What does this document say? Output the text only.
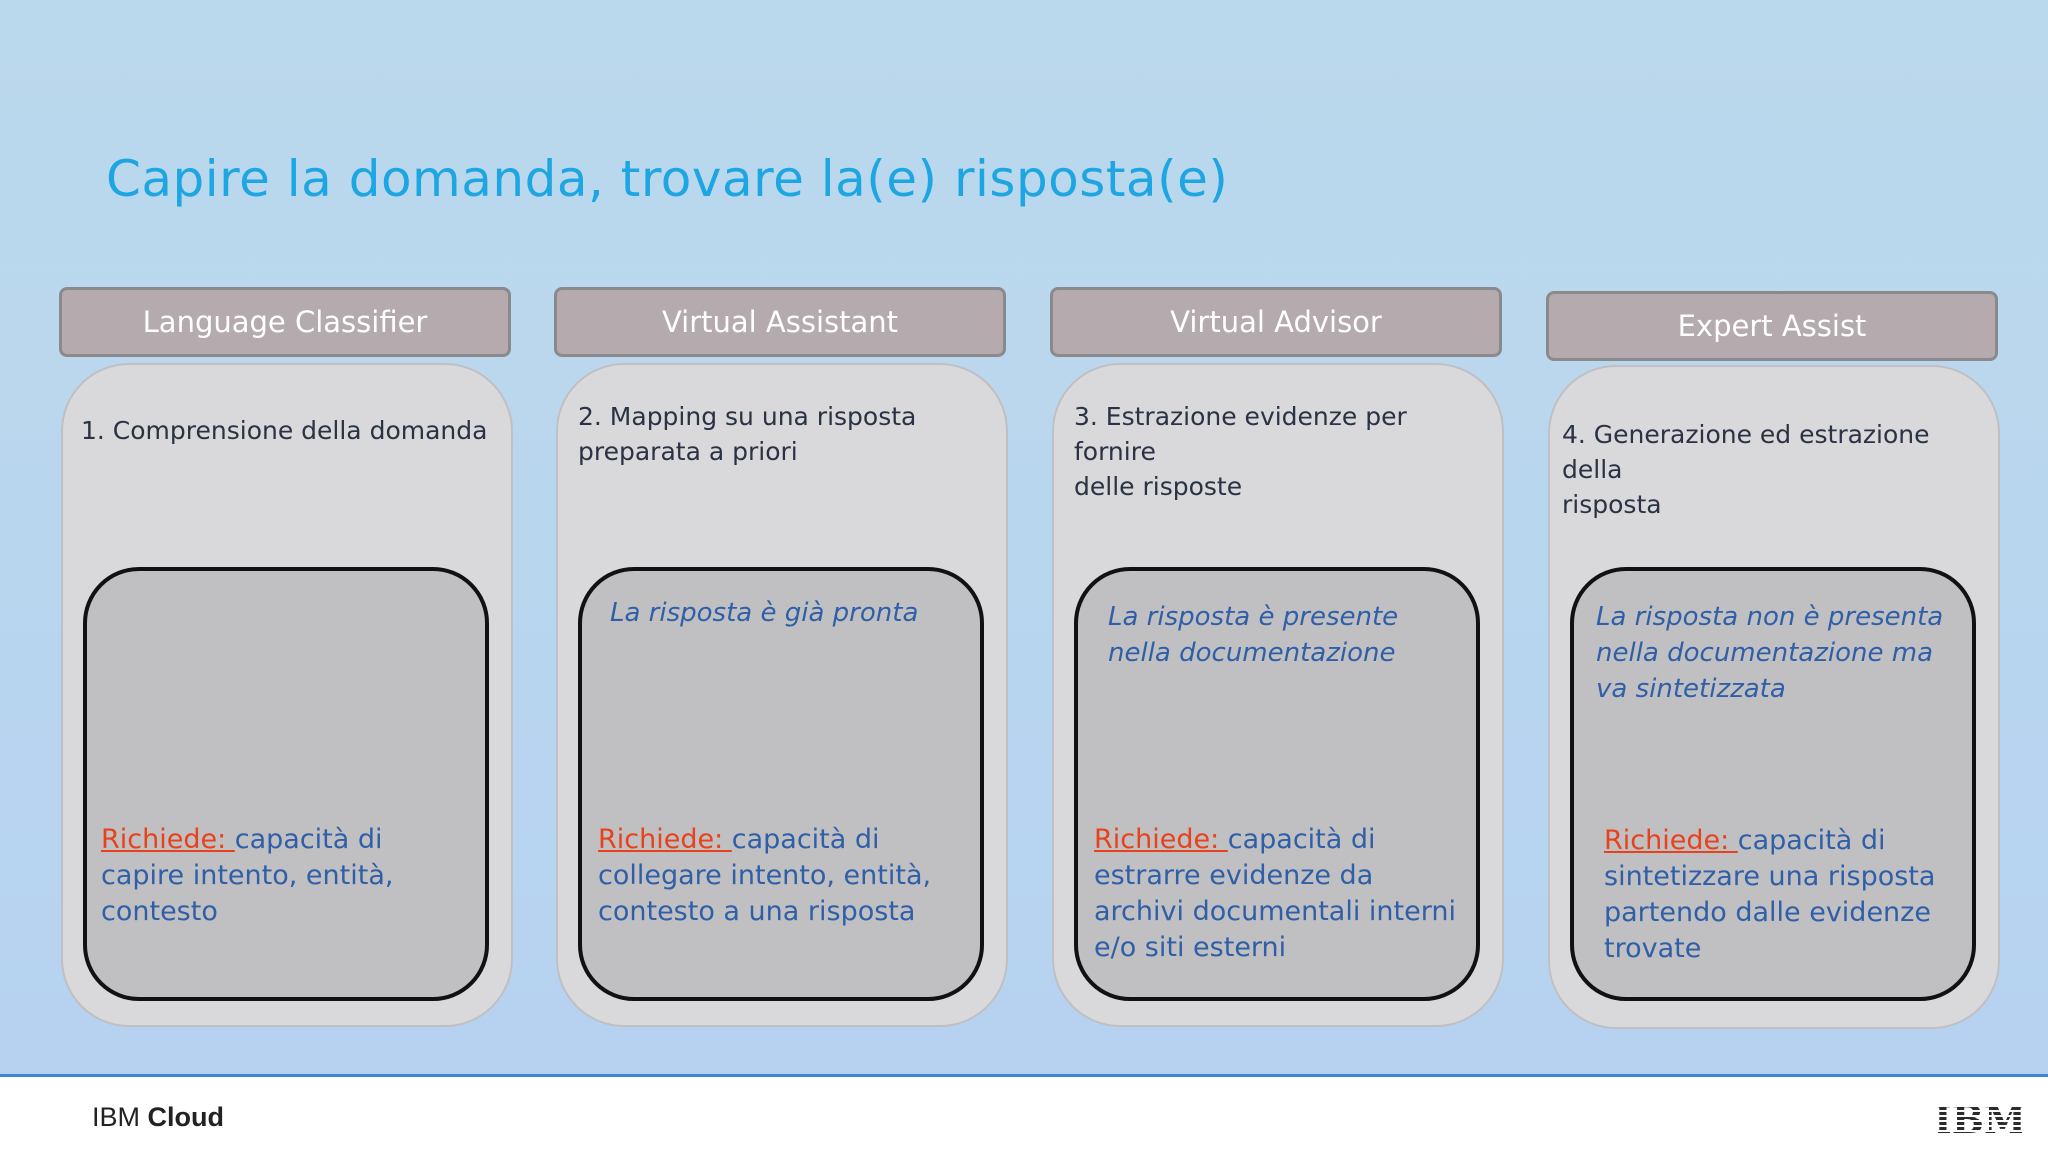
Capire la domanda, trovare la(e) risposta(e)
Language Classifier
1. Comprensione della domanda
Richiede: capacità di capire intento, entità, contesto
Virtual Assistant
2. Mapping su una risposta
preparata a priori
La risposta è già pronta
Richiede: capacità di collegare intento, entità, contesto a una risposta
Virtual Advisor
3. Estrazione evidenze per fornire
delle risposte
La risposta è presente nella documentazione
Richiede: capacità di estrarre evidenze da archivi documentali interni e/o siti esterni
Expert Assist
4. Generazione ed estrazione della
risposta
La risposta non è presenta nella documentazione ma va sintetizzata
Richiede: capacità di sintetizzare una risposta partendo dalle evidenze trovate
IBM Cloud
